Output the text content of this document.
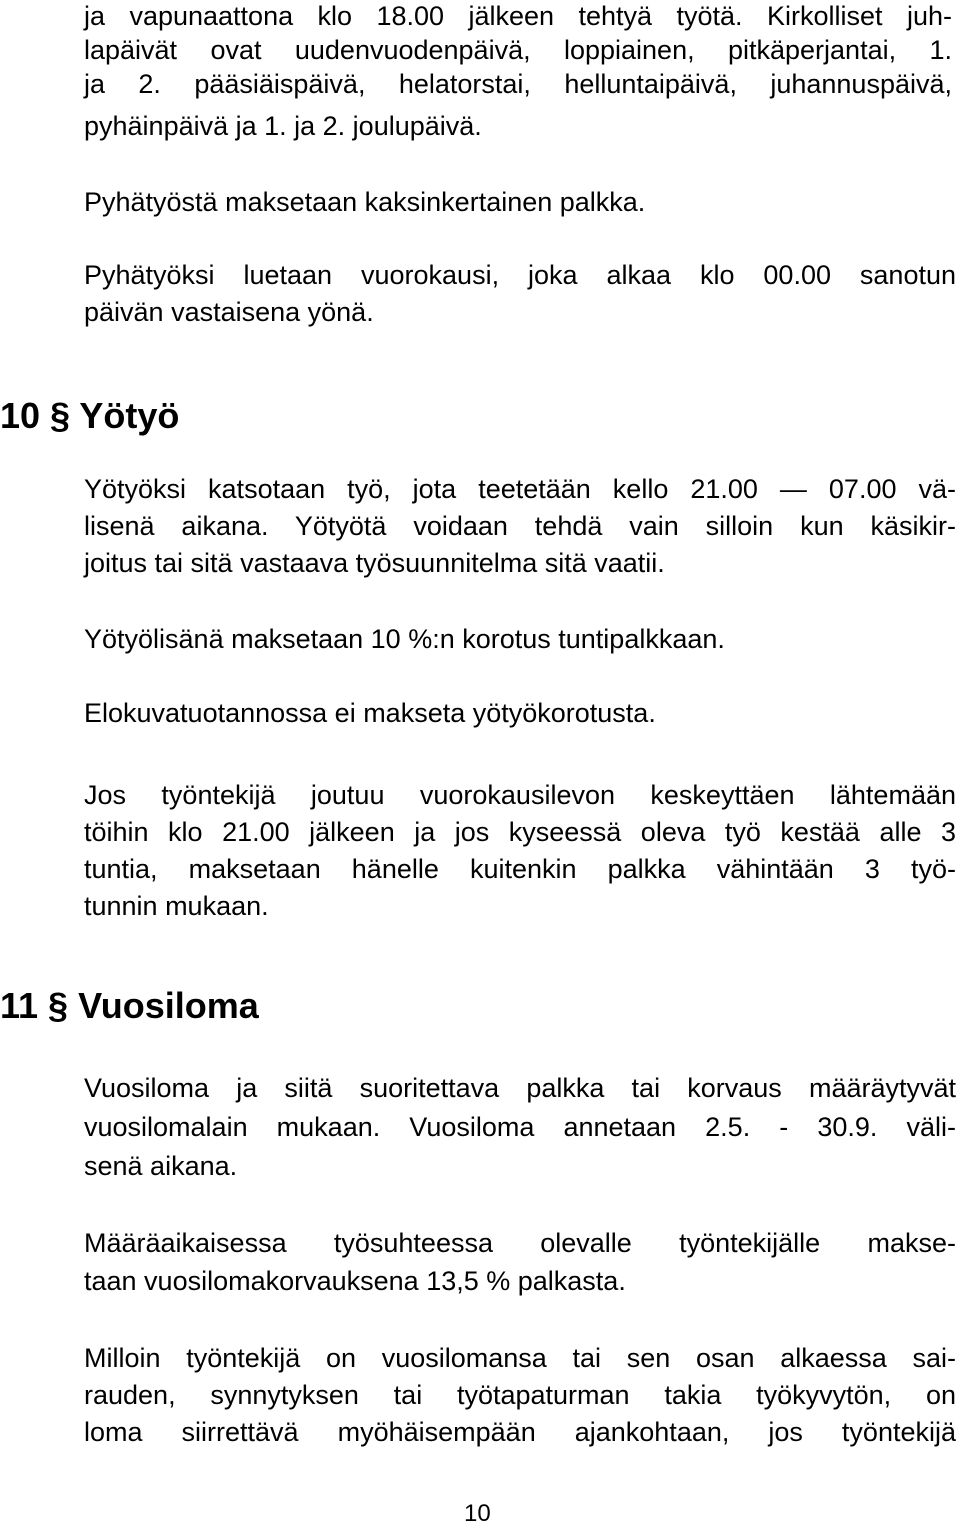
ja vapunaattona klo 18.00 jälkeen tehtyä työtä. Kirkolliset juh-

lapäivät ovat uudenvuodenpäivä, loppiainen, pitkäperjantai, 1.

ja 2. pääsiäispäivä, helatorstai, helluntaipäivä, juhannuspäivä,

pyhäinpäivä ja 1. ja 2. joulupäivä.

Pyhätyöstä maksetaan kaksinkertainen palkka.

Pyhätyöksi luetaan vuorokausi, joka alkaa klo 00.00 sanotun

päivän vastaisena yönä.

10 § Yötyö

Yötyöksi katsotaan työ, jota teetetään kello 21.00 — 07.00 vä-

lisenä aikana. Yötyötä voidaan tehdä vain silloin kun käsikir-

joitus tai sitä vastaava työsuunnitelma sitä vaatii.

Yötyölisänä maksetaan 10 %:n korotus tuntipalkkaan.

Elokuvatuotannossa ei makseta yötyökorotusta.

Jos työntekijä joutuu vuorokausilevon keskeyttäen lähtemään

töihin klo 21.00 jälkeen ja jos kyseessä oleva työ kestää alle 3

tuntia, maksetaan hänelle kuitenkin palkka vähintään 3 työ-

tunnin mukaan.

11 § Vuosiloma

Vuosiloma ja siitä suoritettava palkka tai korvaus määräytyvät

vuosilomalain mukaan. Vuosiloma annetaan 2.5. - 30.9. väli-

senä aikana.

Määräaikaisessa työsuhteessa olevalle työntekijälle makse-

taan vuosilomakorvauksena 13,5 % palkasta.

Milloin työntekijä on vuosilomansa tai sen osan alkaessa sai-

rauden, synnytyksen tai työtapaturman takia työkyvytön, on

loma siirrettävä myöhäisempään ajankohtaan, jos työntekijä

10
